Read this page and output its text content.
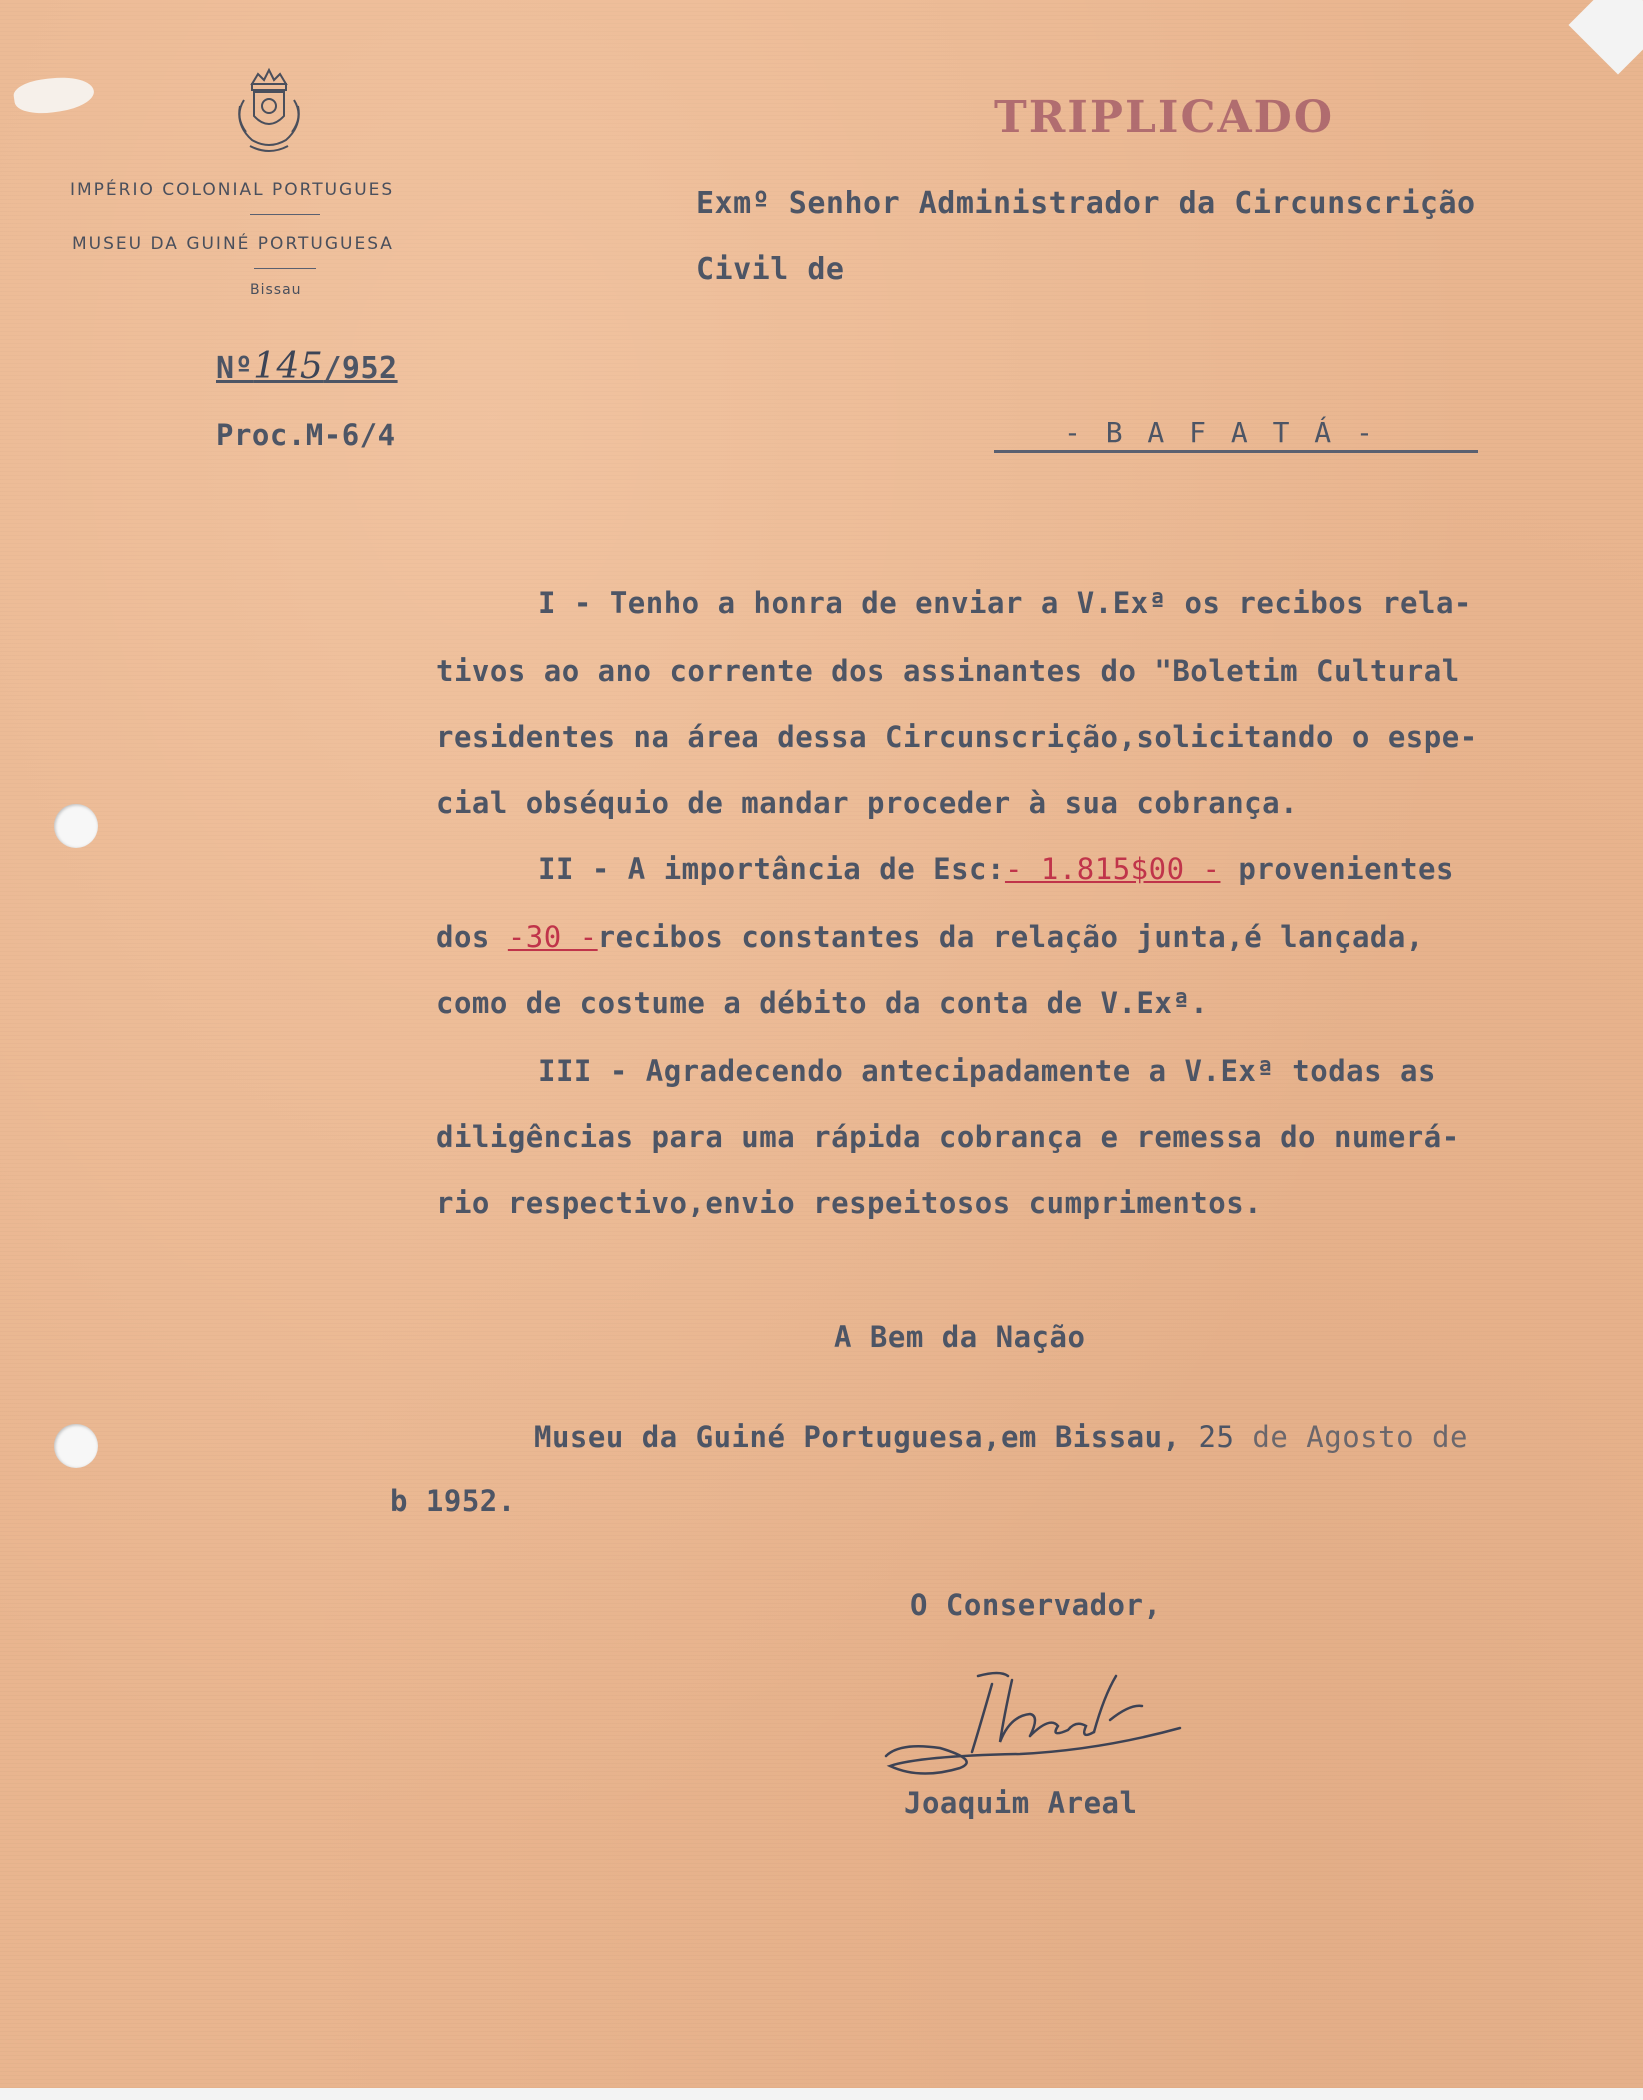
IMPÉRIO COLONIAL PORTUGUES
MUSEU DA GUINÉ PORTUGUESA
Bissau
Nº145/952
Proc.M-6/4
TRIPLICADO
Exmº Senhor Administrador da Circunscrição
Civil de
- B A F A T Á -
I - Tenho a honra de enviar a V.Exª os recibos rela-
tivos ao ano corrente dos assinantes do "Boletim Cultural
residentes na área dessa Circunscrição,solicitando o espe-
cial obséquio de mandar proceder à sua cobrança.
II - A importância de Esc:- 1.815$00 - provenientes
dos -30 -recibos constantes da relação junta,é lançada,
como de costume a débito da conta de V.Exª.
III - Agradecendo antecipadamente a V.Exª todas as
diligências para uma rápida cobrança e remessa do numerá-
rio respectivo,envio respeitosos cumprimentos.
A Bem da Nação
Museu da Guiné Portuguesa,em Bissau, 25 de Agosto de
b 1952.
O Conservador,
Joaquim Areal
